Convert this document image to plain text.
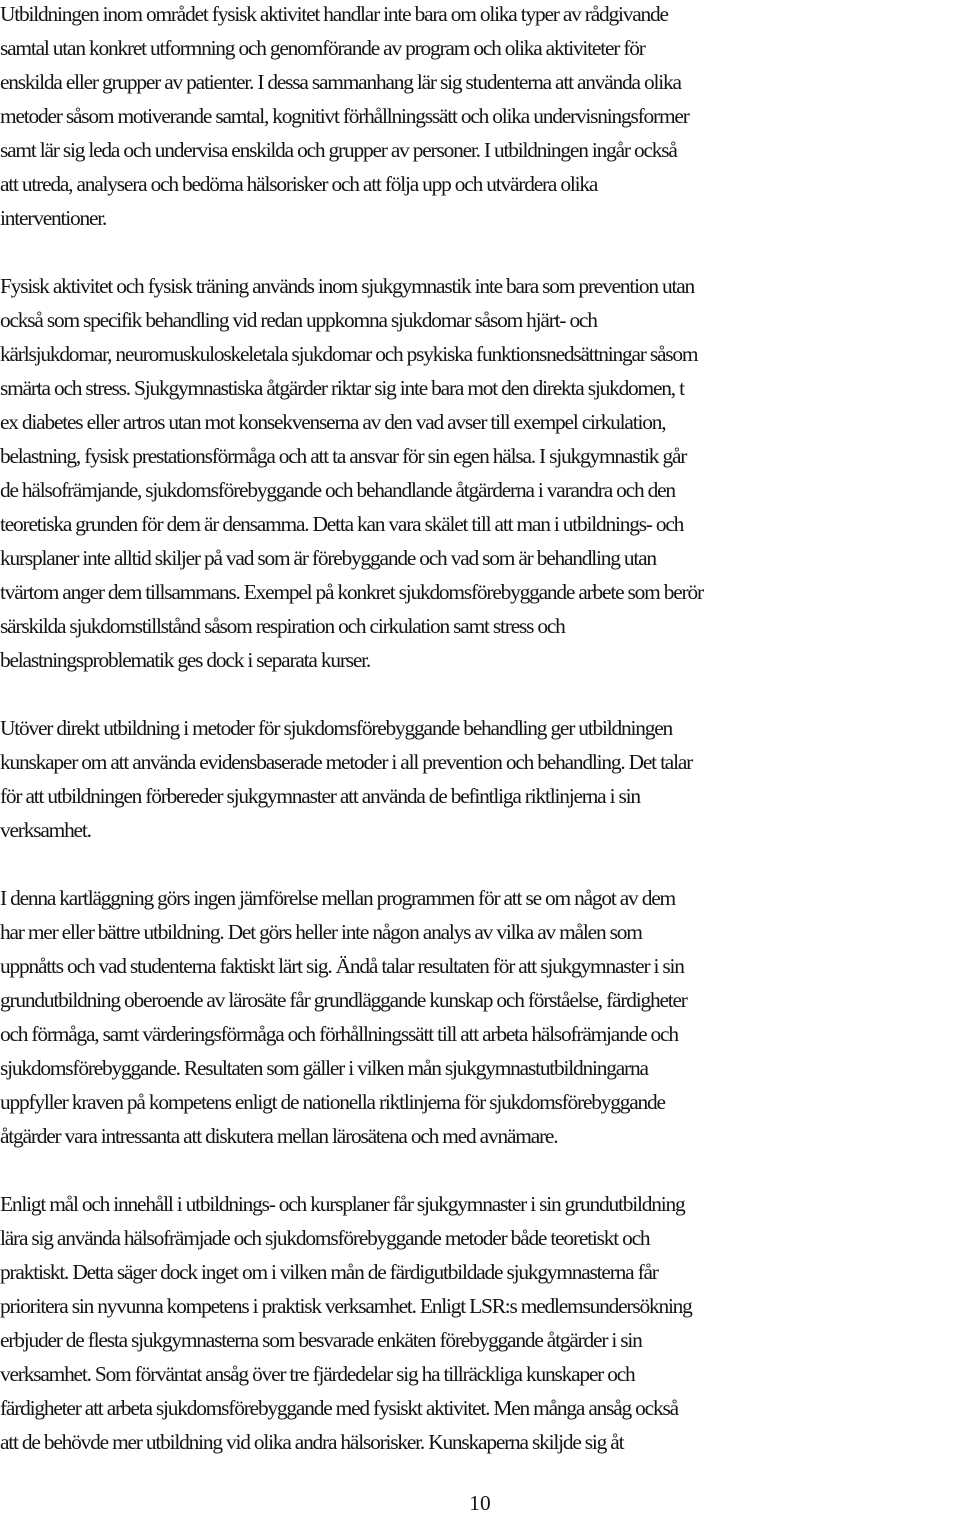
Utbildningen inom området fysisk aktivitet handlar inte bara om olika typer av rådgivande
samtal utan konkret utformning och genomförande av program och olika aktiviteter för
enskilda eller grupper av patienter. I dessa sammanhang lär sig studenterna att använda olika
metoder såsom motiverande samtal, kognitivt förhållningssätt och olika undervisningsformer
samt lär sig leda och undervisa enskilda och grupper av personer. I utbildningen ingår också
att utreda, analysera och bedöma hälsorisker och att följa upp och utvärdera olika
interventioner.
Fysisk aktivitet och fysisk träning används inom sjukgymnastik inte bara som prevention utan
också som specifik behandling vid redan uppkomna sjukdomar såsom hjärt- och
kärlsjukdomar, neuromuskuloskeletala sjukdomar och psykiska funktionsnedsättningar såsom
smärta och stress. Sjukgymnastiska åtgärder riktar sig inte bara mot den direkta sjukdomen, t
ex diabetes eller artros utan mot konsekvenserna av den vad avser till exempel cirkulation,
belastning, fysisk prestationsförmåga och att ta ansvar för sin egen hälsa. I sjukgymnastik går
de hälsofrämjande, sjukdomsförebyggande och behandlande åtgärderna i varandra och den
teoretiska grunden för dem är densamma. Detta kan vara skälet till att man i utbildnings- och
kursplaner inte alltid skiljer på vad som är förebyggande och vad som är behandling utan
tvärtom anger dem tillsammans. Exempel på konkret sjukdomsförebyggande arbete som berör
särskilda sjukdomstillstånd såsom respiration och cirkulation samt stress och
belastningsproblematik ges dock i separata kurser.
Utöver direkt utbildning i metoder för sjukdomsförebyggande behandling ger utbildningen
kunskaper om att använda evidensbaserade metoder i all prevention och behandling. Det talar
för att utbildningen förbereder sjukgymnaster att använda de befintliga riktlinjerna i sin
verksamhet.
I denna kartläggning görs ingen jämförelse mellan programmen för att se om något av dem
har mer eller bättre utbildning. Det görs heller inte någon analys av vilka av målen som
uppnåtts och vad studenterna faktiskt lärt sig. Ändå talar resultaten för att sjukgymnaster i sin
grundutbildning oberoende av lärosäte får grundläggande kunskap och förståelse, färdigheter
och förmåga, samt värderingsförmåga och förhållningssätt till att arbeta hälsofrämjande och
sjukdomsförebyggande. Resultaten som gäller i vilken mån sjukgymnastutbildningarna
uppfyller kraven på kompetens enligt de nationella riktlinjerna för sjukdomsförebyggande
åtgärder vara intressanta att diskutera mellan lärosätena och med avnämare.
Enligt mål och innehåll i utbildnings- och kursplaner får sjukgymnaster i sin grundutbildning
lära sig använda hälsofrämjade och sjukdomsförebyggande metoder både teoretiskt och
praktiskt. Detta säger dock inget om i vilken mån de färdigutbildade sjukgymnasterna får
prioritera sin nyvunna kompetens i praktisk verksamhet. Enligt LSR:s medlemsundersökning
erbjuder de flesta sjukgymnasterna som besvarade enkäten förebyggande åtgärder i sin
verksamhet. Som förväntat ansåg över tre fjärdedelar sig ha tillräckliga kunskaper och
färdigheter att arbeta sjukdomsförebyggande med fysiskt aktivitet. Men många ansåg också
att de behövde mer utbildning vid olika andra hälsorisker. Kunskaperna skiljde sig åt
10
